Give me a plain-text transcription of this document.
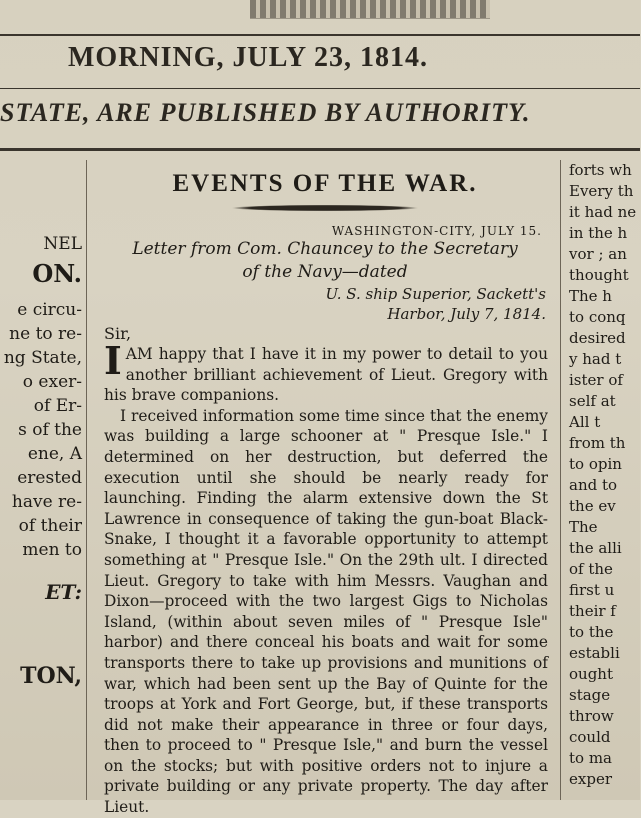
MORNING, JULY 23, 1814.
STATE, ARE PUBLISHED BY AUTHORITY.
NEL
ON.
e circu-
ne to re-
ng State,
o exer-
of Er-
s of the
ene, A
erested
have re-
of their
men to
ET:
TON,
EVENTS OF THE WAR.
WASHINGTON-CITY, JULY 15.
Letter from Com. Chauncey to the Secretary
of the Navy—dated
U. S. ship Superior, Sackett's
Harbor, July 7, 1814.
Sir,

IAM happy that I have it in my power to detail to you another brilliant achievement of Lieut. Gregory with his brave companions.

I received information some time since that the enemy was building a large schooner at " Presque Isle." I determined on her destruction, but deferred the execution until she should be nearly ready for launching. Finding the alarm extensive down the St Lawrence in consequence of taking the gun-boat Black-Snake, I thought it a favorable opportunity to attempt something at " Presque Isle." On the 29th ult. I directed Lieut. Gregory to take with him Messrs. Vaughan and Dixon—proceed with the two largest Gigs to Nicholas Island, (within about seven miles of " Presque Isle" harbor) and there conceal his boats and wait for some transports there to take up provisions and munitions of war, which had been sent up the Bay of Quinte for the troops at York and Fort George, but, if these transports did not make their appearance in three or four days, then to proceed to " Presque Isle," and burn the vessel on the stocks; but with positive orders not to injure a private building or any private property. The day after Lieut.

forts wh
Every th
it had ne
in the h
vor ; an
thought
The h
to conq
desired
y had t
ister of
self at
All t
from th
to opin
and to
the ev
The
the alli
of the
first u
their f
to the
establi
ought
stage
throw
could
to ma
exper
